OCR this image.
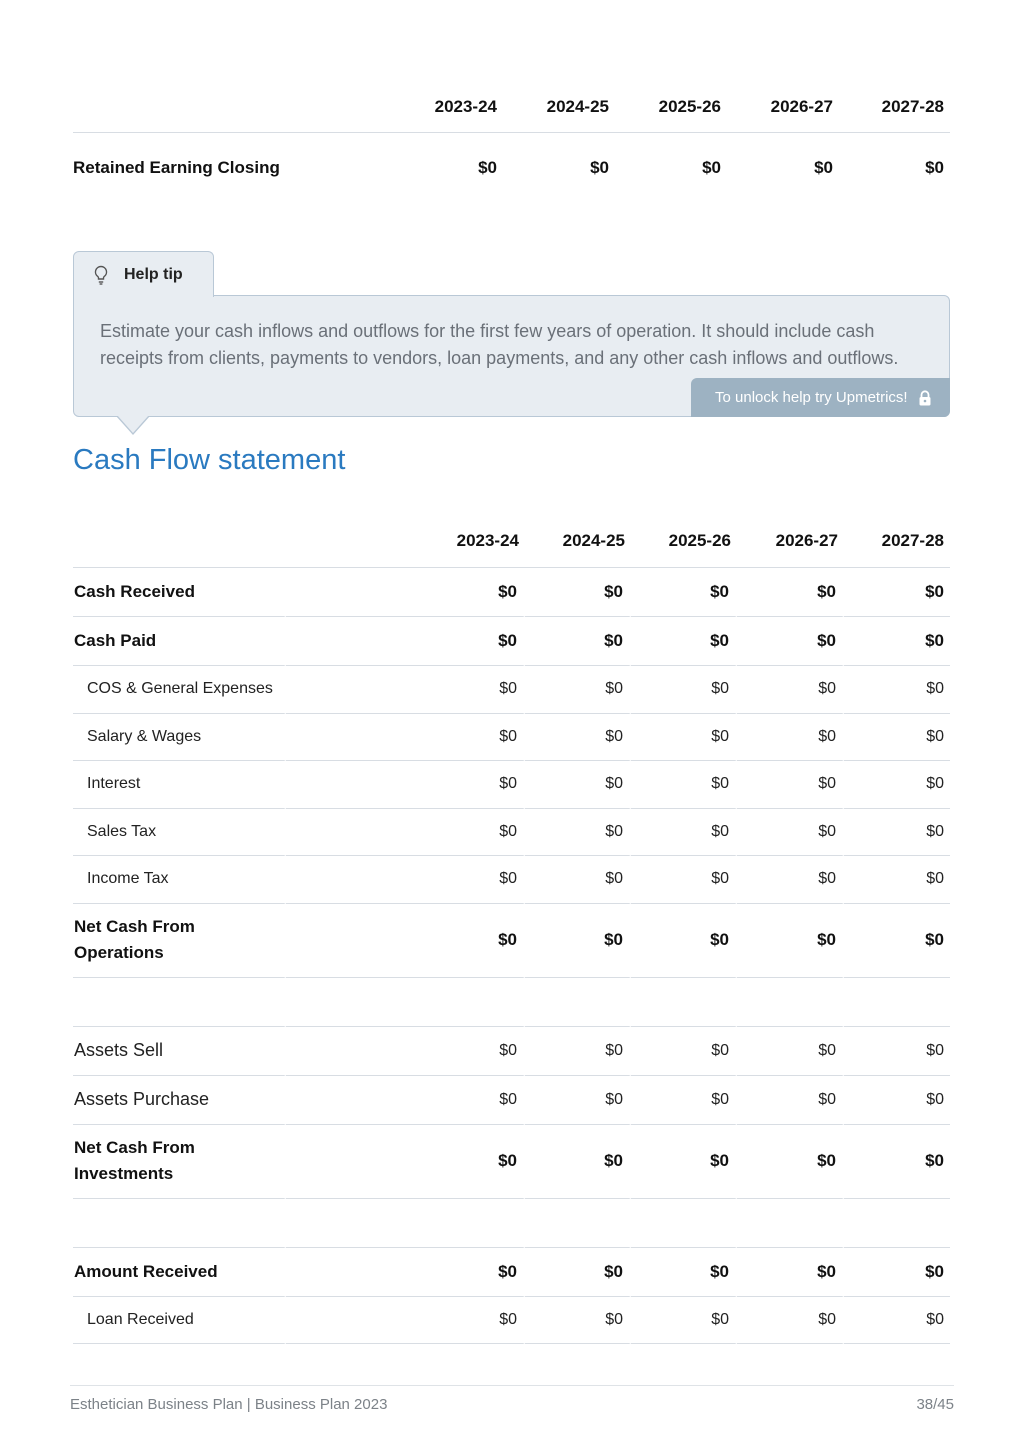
	2023-24	2024-25	2025-26	2026-27	2027-28
Retained Earning Closing	$0	$0	$0	$0	$0
Help tip

Estimate your cash inflows and outflows for the first few years of operation. It should include cash receipts from clients, payments to vendors, loan payments, and any other cash inflows and outflows.

To unlock help try Upmetrics!
Cash Flow statement
	2023-24	2024-25	2025-26	2026-27	2027-28
Cash Received	$0	$0	$0	$0	$0
Cash Paid	$0	$0	$0	$0	$0
COS & General Expenses	$0	$0	$0	$0	$0
Salary & Wages	$0	$0	$0	$0	$0
Interest	$0	$0	$0	$0	$0
Sales Tax	$0	$0	$0	$0	$0
Income Tax	$0	$0	$0	$0	$0
Net Cash From Operations	$0	$0	$0	$0	$0

Assets Sell	$0	$0	$0	$0	$0
Assets Purchase	$0	$0	$0	$0	$0
Net Cash From Investments	$0	$0	$0	$0	$0

Amount Received	$0	$0	$0	$0	$0
Loan Received	$0	$0	$0	$0	$0
Esthetician Business Plan | Business Plan 2023	38/45
